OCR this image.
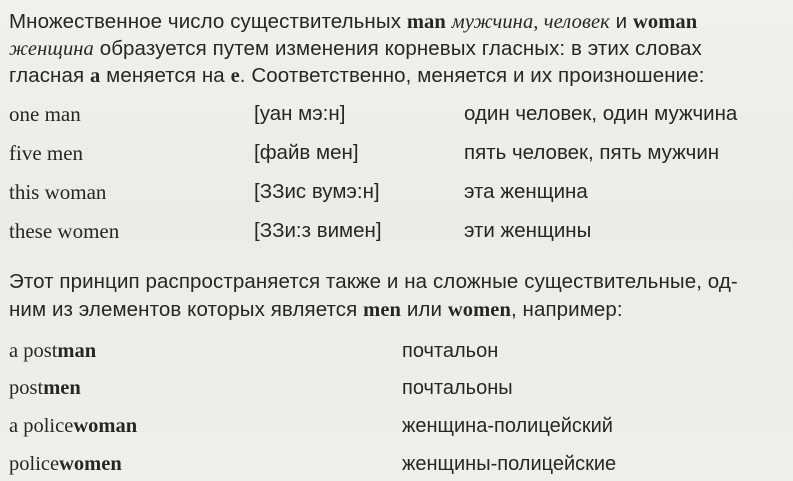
Множественное число существительных man мужчина, человек и woman
женщина образуется путем изменения корневых гласных: в этих словах
гласная a меняется на e. Соответственно, меняется и их произношение:
one man	[уан мэ:н]	один человек, один мужчина
five men	[файв мен]	пять человек, пять мужчин
this woman	[ЗЗис вумэ:н]	эта женщина
these women	[ЗЗи:з вимен]	эти женщины
Этот принцип распространяется также и на сложные существительные, од-
ним из элементов которых является men или women, например:
a postman	почтальон
postmen	почтальоны
a policewoman	женщина-полицейский
policewomen	женщины-полицейские
